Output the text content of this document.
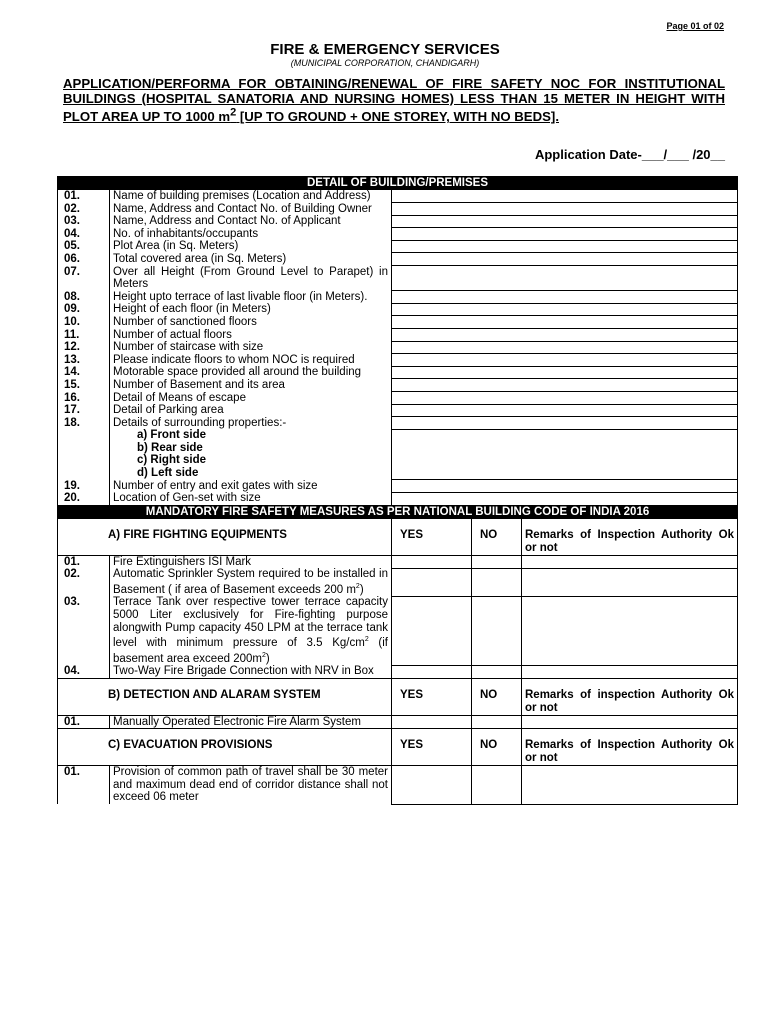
Page 01 of 02
FIRE & EMERGENCY SERVICES
(MUNICIPAL CORPORATION, CHANDIGARH)
APPLICATION/PERFORMA FOR OBTAINING/RENEWAL OF FIRE SAFETY NOC FOR INSTITUTIONAL BUILDINGS (HOSPITAL SANATORIA AND NURSING HOMES) LESS THAN 15 METER IN HEIGHT WITH PLOT AREA UP TO 1000 $m^2$ [UP TO GROUND + ONE STOREY, WITH NO BEDS].
Application Date-___/___ /20__
DETAIL OF BUILDING/PREMISES				
01.	Name of building premises (Location and Address)			
02.	Name, Address and Contact No. of Building Owner			
03.	Name, Address and Contact No. of Applicant			
04.	No. of inhabitants/occupants			
05.	Plot Area (in Sq. Meters)			
06.	Total covered area (in Sq. Meters)			
07.	Over all Height (From Ground Level to Parapet) in Meters			
08.	Height upto terrace of last livable floor (in Meters).			
09.	Height of each floor (in Meters)			
10.	Number of sanctioned floors			
11.	Number of actual floors			
12.	Number of staircase with size			
13.	Please indicate floors to whom NOC is required			
14.	Motorable space provided all around the building			
15.	Number of Basement and its area			
16.	Detail of Means of escape			
17.	Detail of Parking area			
18.	Details of surrounding properties:-			

	a) Front side
b) Rear side
c) Right side
d) Left side			

19.	Number of entry and exit gates with size			
20.	Location of Gen-set with size			
MANDATORY FIRE SAFETY MEASURES AS PER NATIONAL BUILDING CODE OF INDIA 2016				

A) FIRE FIGHTING EQUIPMENTS		YES	NO	Remarks of Inspection Authority Ok or not
01.	Fire Extinguishers ISI Mark			
02.	Automatic Sprinkler System required to be installed in Basement ( if area of Basement exceeds 200 $m^2$)			
03.	Terrace Tank over respective tower terrace capacity 5000 Liter exclusively for Fire-fighting purpose alongwith Pump capacity 450 LPM at the terrace tank level with minimum pressure of 3.5 $Kg/cm^2$ (if basement area exceed $200m^2$)			
04.	Two-Way Fire Brigade Connection with NRV in Box			

B) DETECTION AND ALARAM SYSTEM		YES	NO	Remarks of inspection Authority Ok or not
01.	Manually Operated Electronic Fire Alarm System			

C) EVACUATION PROVISIONS		YES	NO	Remarks of Inspection Authority Ok or not
01.	Provision of common path of travel shall be 30 meter and maximum dead end of corridor distance shall not exceed 06 meter			
